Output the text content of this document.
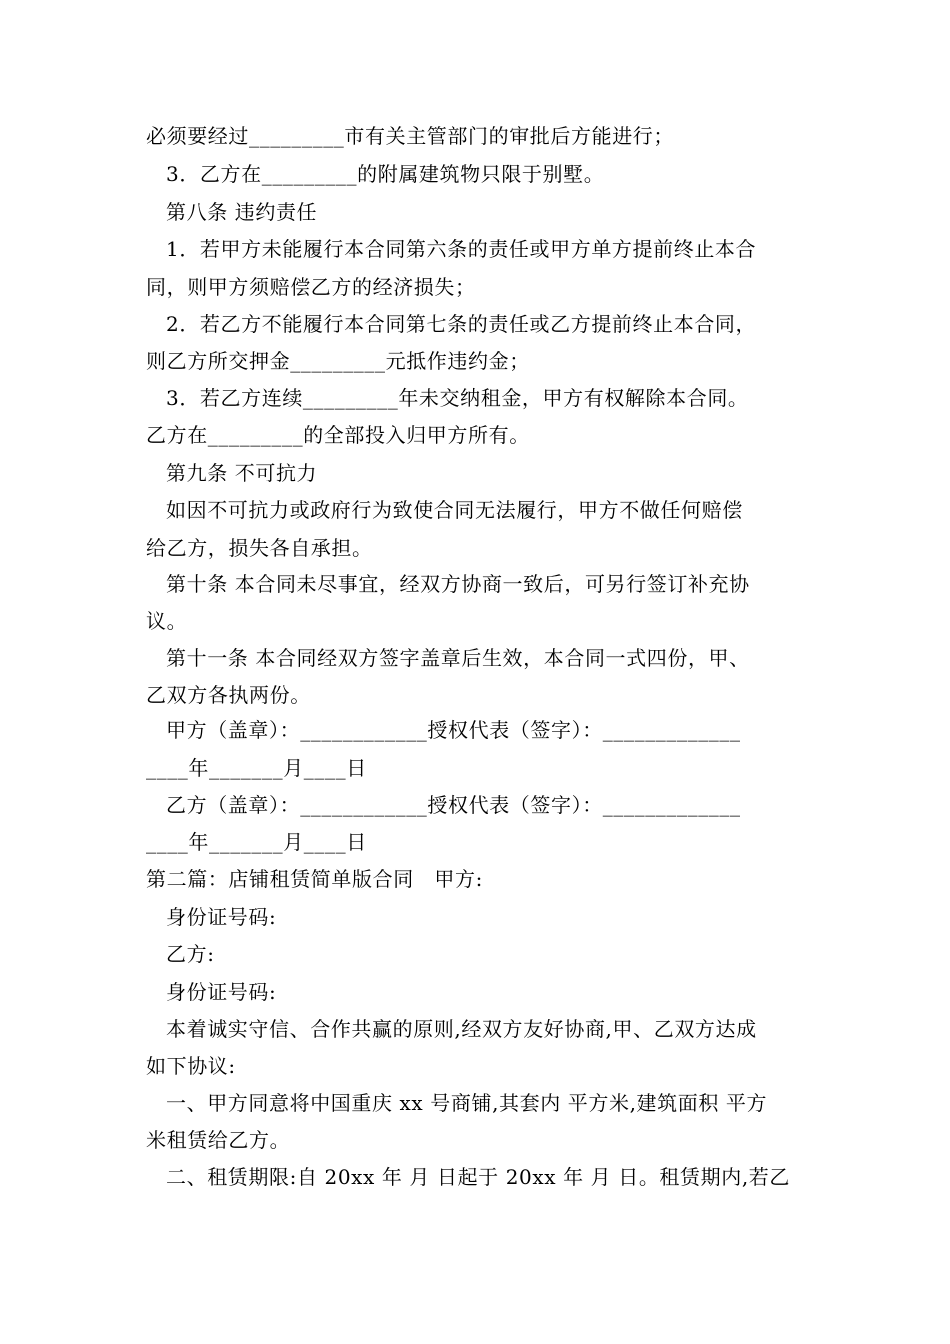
必须要经过_________市有关主管部门的审批后方能进行；

3．乙方在_________的附属建筑物只限于别墅。

第八条 违约责任

1．若甲方未能履行本合同第六条的责任或甲方单方提前终止本合

同，则甲方须赔偿乙方的经济损失；

2．若乙方不能履行本合同第七条的责任或乙方提前终止本合同，

则乙方所交押金_________元抵作违约金；

3．若乙方连续_________年未交纳租金，甲方有权解除本合同。

乙方在_________的全部投入归甲方所有。

第九条 不可抗力

如因不可抗力或政府行为致使合同无法履行，甲方不做任何赔偿

给乙方，损失各自承担。

第十条 本合同未尽事宜，经双方协商一致后，可另行签订补充协

议。

第十一条 本合同经双方签字盖章后生效，本合同一式四份，甲、

乙双方各执两份。

甲方（盖章）：____________授权代表（签字）：_____________

____年_______月____日

乙方（盖章）：____________授权代表（签字）：_____________

____年_______月____日

第二篇：店铺租赁简单版合同　甲方:

身份证号码:

乙方:

身份证号码:

本着诚实守信、合作共赢的原则,经双方友好协商,甲、乙双方达成

如下协议:

一、甲方同意将中国重庆 xx 号商铺,其套内 平方米,建筑面积 平方

米租赁给乙方。

二、租赁期限:自 20xx 年 月 日起于 20xx 年 月 日。租赁期内,若乙
